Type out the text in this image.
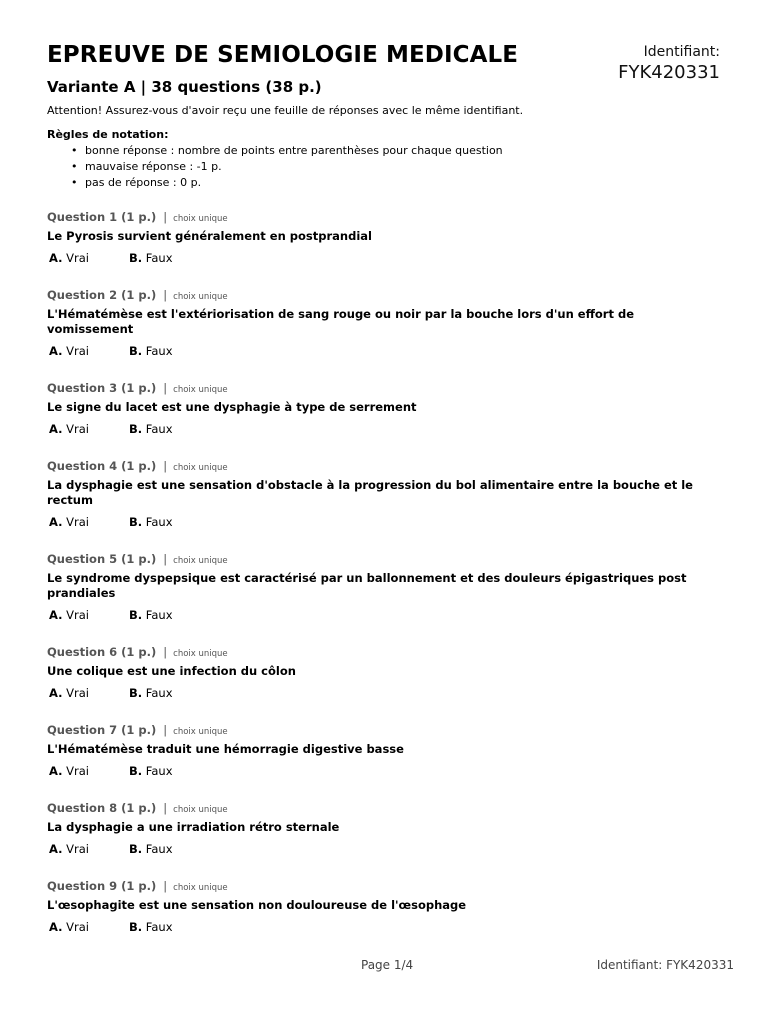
EPREUVE DE SEMIOLOGIE MEDICALE
Variante A | 38 questions (38 p.)
Identifiant:
FYK420331
Attention! Assurez-vous d'avoir reçu une feuille de réponses avec le même identifiant.
Règles de notation:
• bonne réponse : nombre de points entre parenthèses pour chaque question
• mauvaise réponse : -1 p.
• pas de réponse : 0 p.
Question 1 (1 p.) | choix unique
Le Pyrosis survient généralement en postprandial
A. Vrai	B. Faux
Question 2 (1 p.) | choix unique
L'Hématémèse est l'extériorisation de sang rouge ou noir par la bouche lors d'un effort de vomissement
A. Vrai	B. Faux
Question 3 (1 p.) | choix unique
Le signe du lacet est une dysphagie à type de serrement
A. Vrai	B. Faux
Question 4 (1 p.) | choix unique
La dysphagie est une sensation d'obstacle à la progression du bol alimentaire entre la bouche et le rectum
A. Vrai	B. Faux
Question 5 (1 p.) | choix unique
Le syndrome dyspepsique est caractérisé par un ballonnement et des douleurs épigastriques post prandiales
A. Vrai	B. Faux
Question 6 (1 p.) | choix unique
Une colique est une infection du côlon
A. Vrai	B. Faux
Question 7 (1 p.) | choix unique
L'Hématémèse traduit une hémorragie digestive basse
A. Vrai	B. Faux
Question 8 (1 p.) | choix unique
La dysphagie a une irradiation rétro sternale
A. Vrai	B. Faux
Question 9 (1 p.) | choix unique
L'œsophagite est une sensation non douloureuse de l'œsophage
A. Vrai	B. Faux
Page 1/4	Identifiant: FYK420331
